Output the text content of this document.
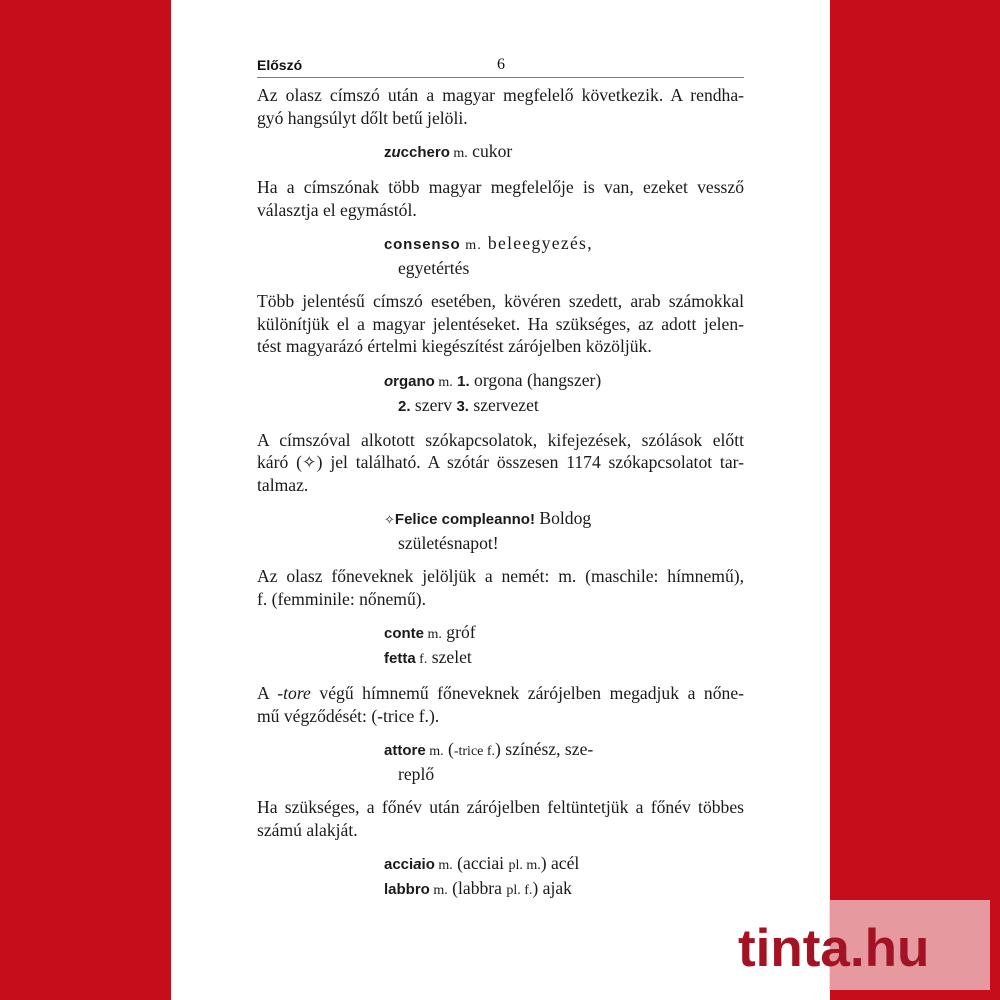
Előszó	6

Az olasz címszó után a magyar megfelelő következik. A rendha-
gyó hangsúlyt dőlt betű jelöli.

zucchero m. cukor

Ha a címszónak több magyar megfelelője is van, ezeket vessző
választja el egymástól.

consenso m. beleegyezés,
egyetértés

Több jelentésű címszó esetében, kövéren szedett, arab számokkal
különítjük el a magyar jelentéseket. Ha szükséges, az adott jelen-
tést magyarázó értelmi kiegészítést zárójelben közöljük.

organo m. 1. orgona (hangszer)
2. szerv 3. szervezet

A címszóval alkotott szókapcsolatok, kifejezések, szólások előtt
káró (✧) jel található. A szótár összesen 1174 szókapcsolatot tar-
talmaz.

✧Felice compleanno! Boldog
születésnapot!

Az olasz főneveknek jelöljük a nemét: m. (maschile: hímnemű),
f. (femminile: nőnemű).

conte m. gróf
fetta f. szelet

A -tore végű hímnemű főneveknek zárójelben megadjuk a nőne-
mű végződését: (-trice f.).

attore m. (-trice f.) színész, sze-
replő

Ha szükséges, a főnév után zárójelben feltüntetjük a főnév többes
számú alakját.

acciaio m. (acciai pl. m.) acél
labbro m. (labbra pl. f.) ajak
tinta.hu
